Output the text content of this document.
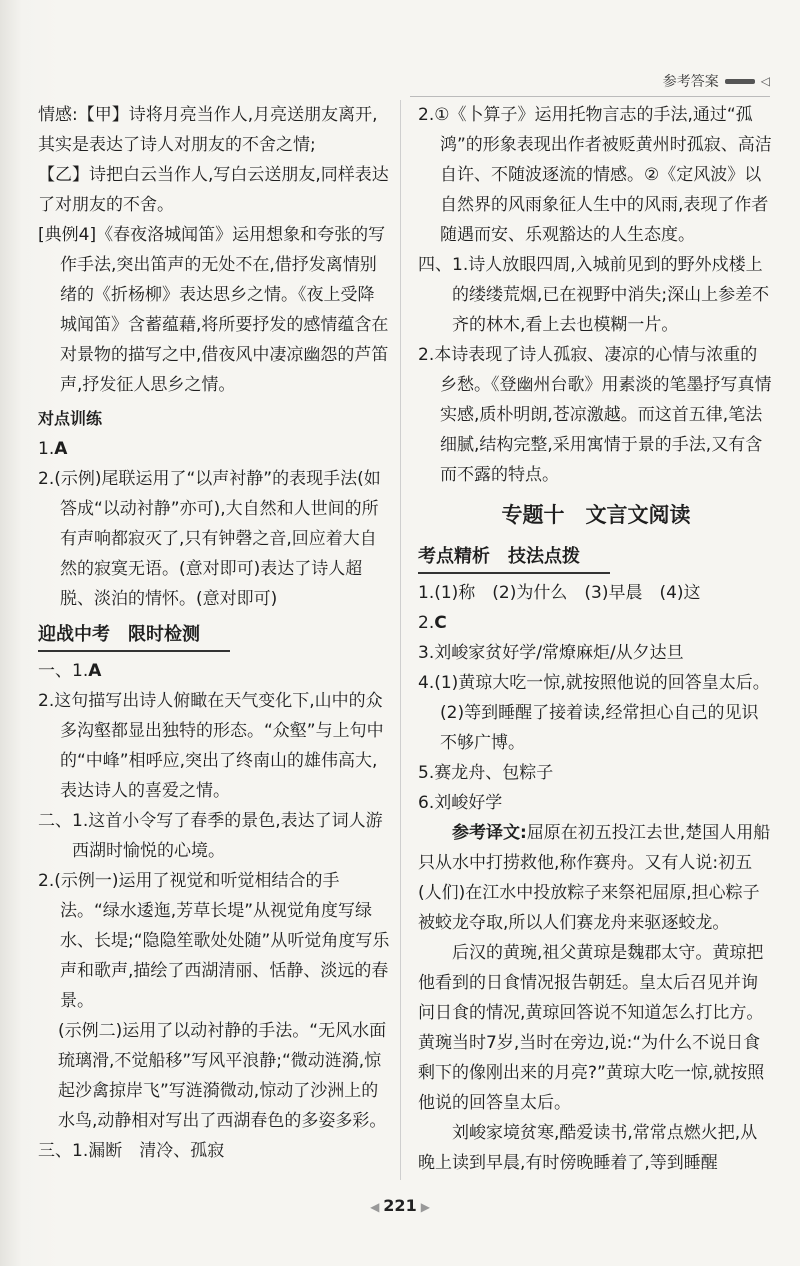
参考答案	◁

情感:【甲】诗将月亮当作人,月亮送朋友离开,其实是表达了诗人对朋友的不舍之情;

【乙】诗把白云当作人,写白云送朋友,同样表达了对朋友的不舍。

[典例4]《春夜洛城闻笛》运用想象和夸张的写作手法,突出笛声的无处不在,借抒发离情别绪的《折杨柳》表达思乡之情。《夜上受降城闻笛》含蓄蕴藉,将所要抒发的感情蕴含在对景物的描写之中,借夜风中凄凉幽怨的芦笛声,抒发征人思乡之情。

对点训练

1.A

2.(示例)尾联运用了“以声衬静”的表现手法(如答成“以动衬静”亦可),大自然和人世间的所有声响都寂灭了,只有钟磬之音,回应着大自然的寂寞无语。(意对即可)表达了诗人超脱、淡泊的情怀。(意对即可)

迎战中考　限时检测

一、1.A

2.这句描写出诗人俯瞰在天气变化下,山中的众多沟壑都显出独特的形态。“众壑”与上句中的“中峰”相呼应,突出了终南山的雄伟高大,表达诗人的喜爱之情。

二、1.这首小令写了春季的景色,表达了词人游西湖时愉悦的心境。

2.(示例一)运用了视觉和听觉相结合的手法。“绿水逶迤,芳草长堤”从视觉角度写绿水、长堤;“隐隐笙歌处处随”从听觉角度写乐声和歌声,描绘了西湖清丽、恬静、淡远的春景。

(示例二)运用了以动衬静的手法。“无风水面琉璃滑,不觉船移”写风平浪静;“微动涟漪,惊起沙禽掠岸飞”写涟漪微动,惊动了沙洲上的水鸟,动静相对写出了西湖春色的多姿多彩。

三、1.漏断　清冷、孤寂

2.①《卜算子》运用托物言志的手法,通过“孤鸿”的形象表现出作者被贬黄州时孤寂、高洁自许、不随波逐流的情感。②《定风波》以自然界的风雨象征人生中的风雨,表现了作者随遇而安、乐观豁达的人生态度。

四、1.诗人放眼四周,入城前见到的野外戍楼上的缕缕荒烟,已在视野中消失;深山上参差不齐的林木,看上去也模糊一片。

2.本诗表现了诗人孤寂、凄凉的心情与浓重的乡愁。《登幽州台歌》用素淡的笔墨抒写真情实感,质朴明朗,苍凉激越。而这首五律,笔法细腻,结构完整,采用寓情于景的手法,又有含而不露的特点。

专题十　文言文阅读
考点精析　技法点拨

1.(1)称　(2)为什么　(3)早晨　(4)这

2.C

3.刘峻家贫好学/常燎麻炬/从夕达旦

4.(1)黄琼大吃一惊,就按照他说的回答皇太后。(2)等到睡醒了接着读,经常担心自己的见识不够广博。

5.赛龙舟、包粽子

6.刘峻好学

参考译文:屈原在初五投江去世,楚国人用船只从水中打捞救他,称作赛舟。又有人说:初五(人们)在江水中投放粽子来祭祀屈原,担心粽子被蛟龙夺取,所以人们赛龙舟来驱逐蛟龙。

后汉的黄琬,祖父黄琼是魏郡太守。黄琼把他看到的日食情况报告朝廷。皇太后召见并询问日食的情况,黄琼回答说不知道怎么打比方。黄琬当时7岁,当时在旁边,说:“为什么不说日食剩下的像刚出来的月亮?”黄琼大吃一惊,就按照他说的回答皇太后。

刘峻家境贫寒,酷爱读书,常常点燃火把,从晚上读到早晨,有时傍晚睡着了,等到睡醒

◀ 221 ▶
